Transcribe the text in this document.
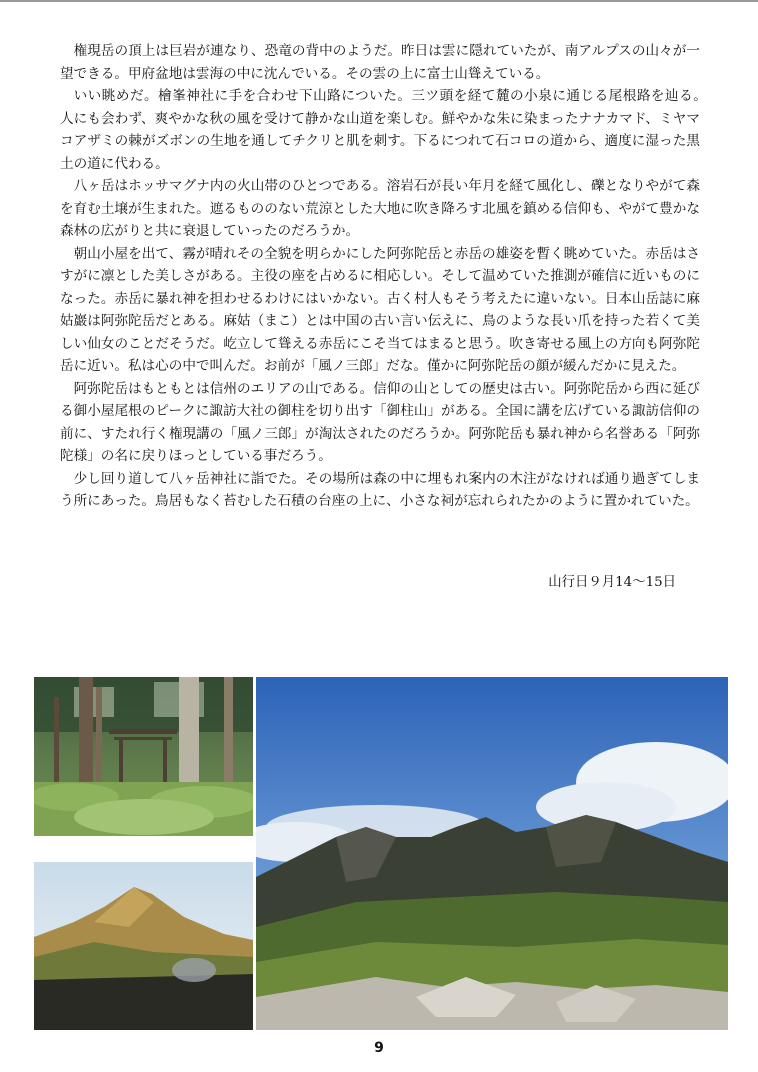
権現岳の頂上は巨岩が連なり、恐竜の背中のようだ。昨日は雲に隠れていたが、南アルプスの山々が一望できる。甲府盆地は雲海の中に沈んでいる。その雲の上に富士山聳えている。

いい眺めだ。檜峯神社に手を合わせ下山路についた。三ツ頭を経て麓の小泉に通じる尾根路を辿る。　人にも会わず、爽やかな秋の風を受けて静かな山道を楽しむ。鮮やかな朱に染まったナナカマド、ミヤマコアザミの棘がズボンの生地を通してチクリと肌を刺す。下るにつれて石コロの道から、適度に湿った黒土の道に代わる。

八ヶ岳はホッサマグナ内の火山帯のひとつである。溶岩石が長い年月を経て風化し、礫となりやがて森を育む土壌が生まれた。遮るもののない荒涼とした大地に吹き降ろす北風を鎮める信仰も、やがて豊かな森林の広がりと共に衰退していったのだろうか。

朝山小屋を出て、霧が晴れその全貌を明らかにした阿弥陀岳と赤岳の雄姿を暫く眺めていた。赤岳はさすがに凛とした美しさがある。主役の座を占めるに相応しい。そして温めていた推測が確信に近いものになった。赤岳に暴れ神を担わせるわけにはいかない。古く村人もそう考えたに違いない。日本山岳誌に麻姑巖は阿弥陀岳だとある。麻姑（まこ）とは中国の古い言い伝えに、鳥のような長い爪を持った若くて美しい仙女のことだそうだ。屹立して聳える赤岳にこそ当てはまると思う。吹き寄せる風上の方向も阿弥陀岳に近い。私は心の中で叫んだ。お前が「風ノ三郎」だな。僅かに阿弥陀岳の顔が緩んだかに見えた。

阿弥陀岳はもともとは信州のエリアの山である。信仰の山としての歴史は古い。阿弥陀岳から西に延びる御小屋尾根のピークに諏訪大社の御柱を切り出す「御柱山」がある。全国に講を広げている諏訪信仰の前に、すたれ行く権現講の「風ノ三郎」が淘汰されたのだろうか。阿弥陀岳も暴れ神から名誉ある「阿弥陀様」の名に戻りほっとしている事だろう。

少し回り道して八ヶ岳神社に詣でた。その場所は森の中に埋もれ案内の木注がなければ通り過ぎてしまう所にあった。鳥居もなく苔むした石積の台座の上に、小さな祠が忘れられたかのように置かれていた。

山行日９月14〜15日
9
